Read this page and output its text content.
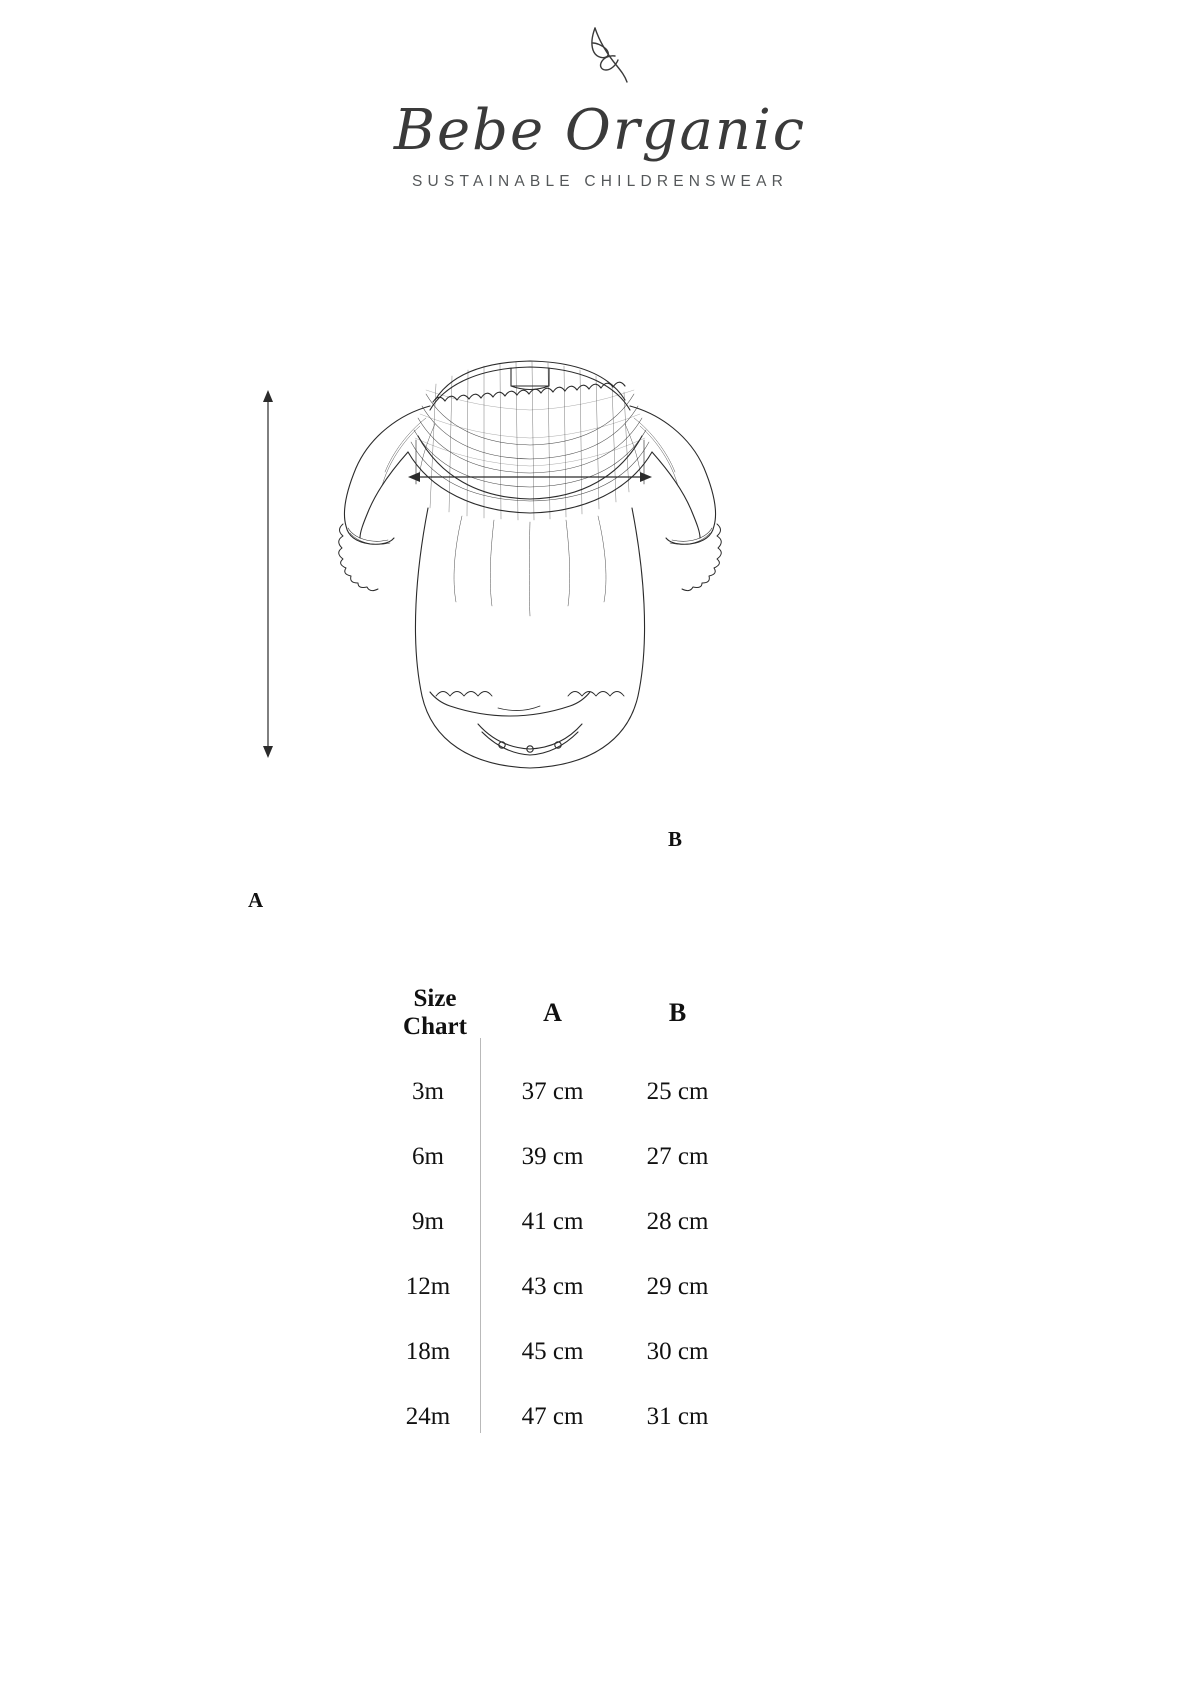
Bebe Organic
SUSTAINABLE CHILDRENSWEAR
A
B
Size
Chart	A	B
3m	37 cm	25 cm
6m	39 cm	27 cm
9m	41 cm	28 cm
12m	43 cm	29 cm
18m	45 cm	30 cm
24m	47 cm	31 cm
